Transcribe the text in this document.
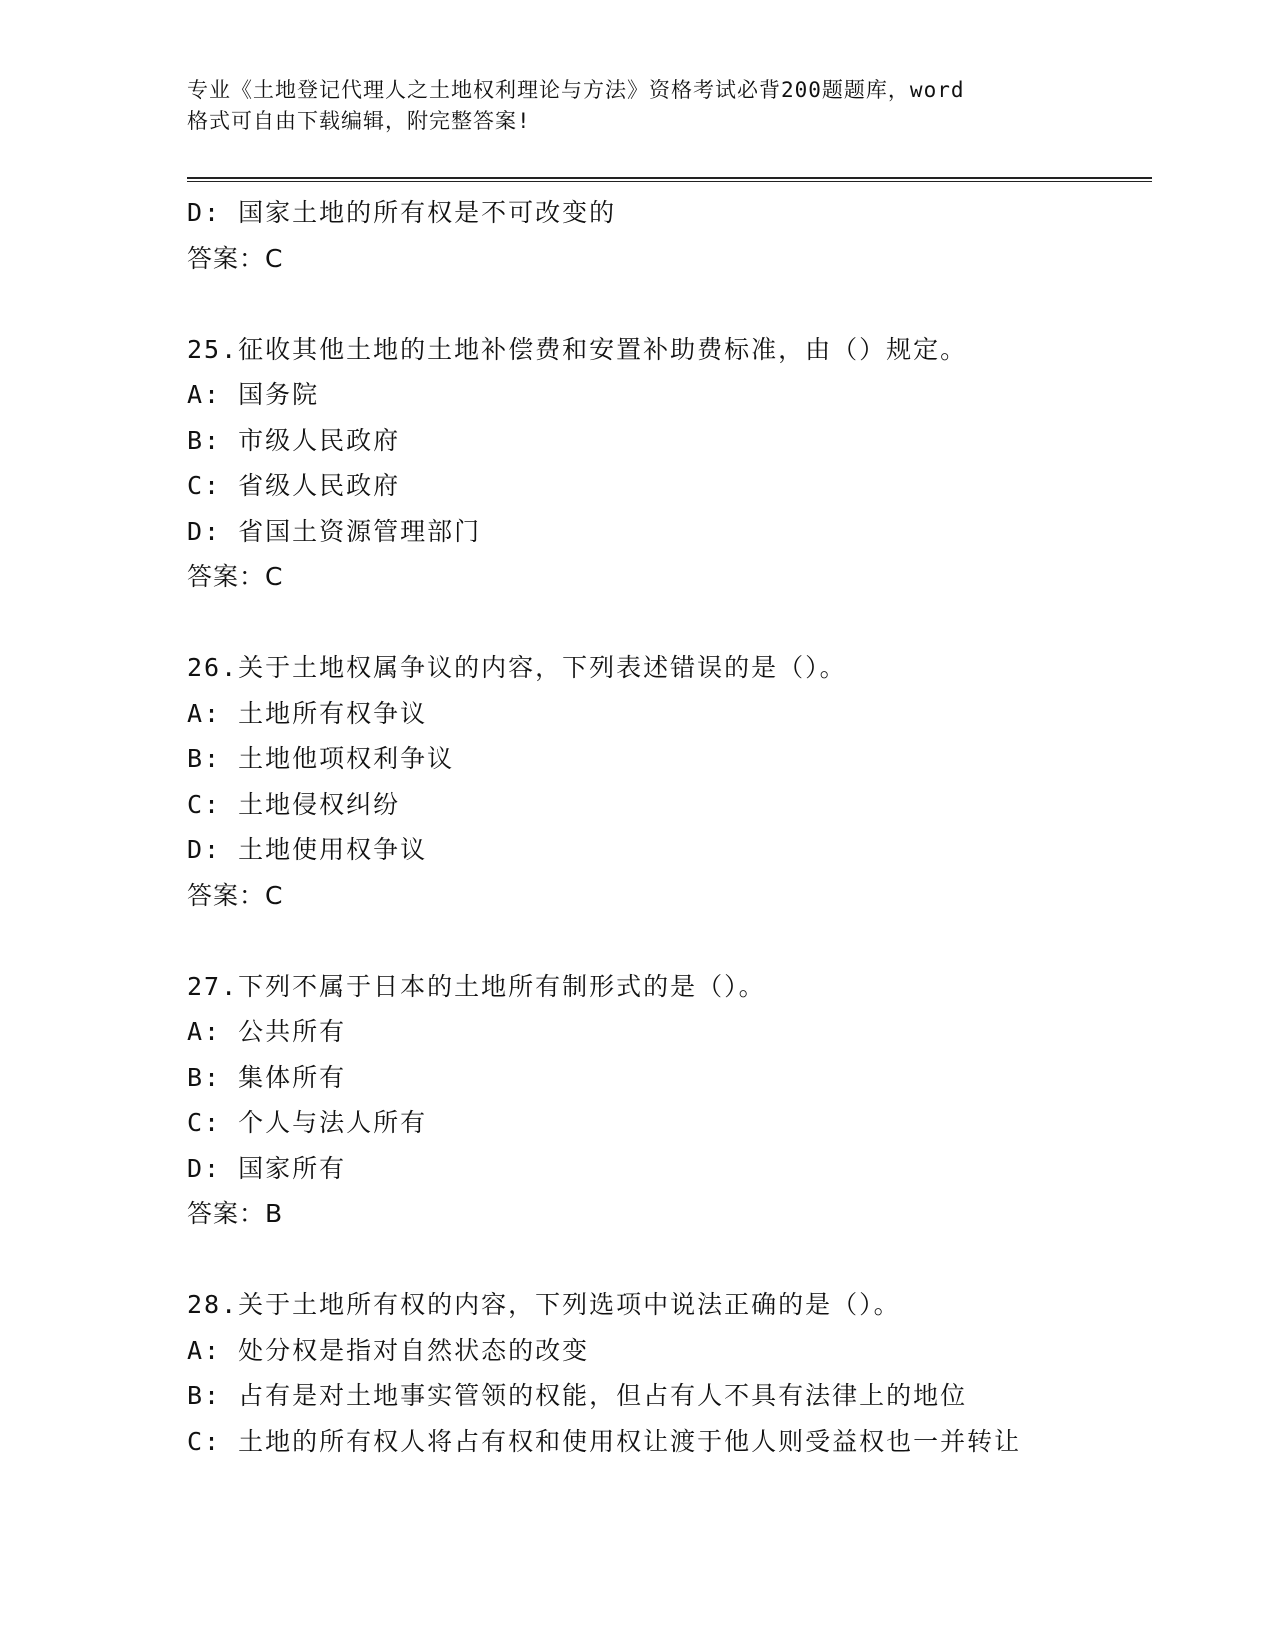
专业《土地登记代理人之土地权利理论与方法》资格考试必背200题题库，word
格式可自由下载编辑，附完整答案!
D: 国家土地的所有权是不可改变的
答案：C
25.征收其他土地的土地补偿费和安置补助费标准，由（）规定。
A: 国务院
B: 市级人民政府
C: 省级人民政府
D: 省国土资源管理部门
答案：C
26.关于土地权属争议的内容，下列表述错误的是（）。
A: 土地所有权争议
B: 土地他项权利争议
C: 土地侵权纠纷
D: 土地使用权争议
答案：C
27.下列不属于日本的土地所有制形式的是（）。
A: 公共所有
B: 集体所有
C: 个人与法人所有
D: 国家所有
答案：B
28.关于土地所有权的内容，下列选项中说法正确的是（）。
A: 处分权是指对自然状态的改变
B: 占有是对土地事实管领的权能，但占有人不具有法律上的地位
C: 土地的所有权人将占有权和使用权让渡于他人则受益权也一并转让
